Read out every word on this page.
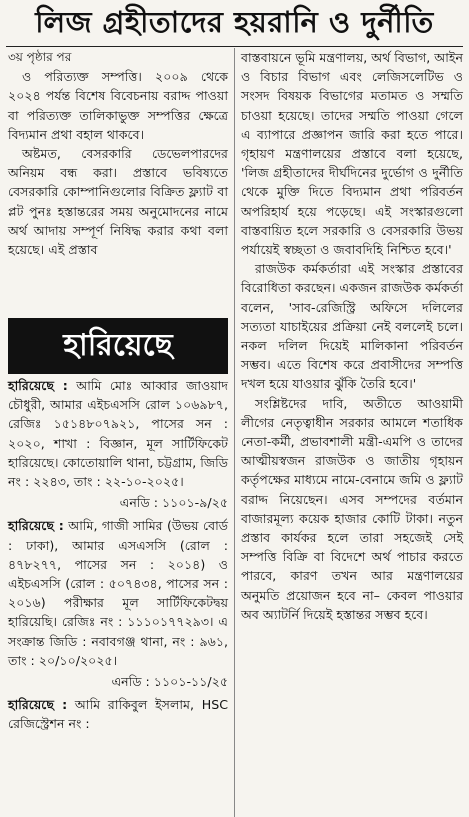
লিজ গ্রহীতাদের হয়রানি ও দুর্নীতি

৩য় পৃষ্ঠার পর

ও পরিত্যক্ত সম্পত্তি। ২০০৯ থেকে ২০২৪ পর্যন্ত বিশেষ বিবেচনায় বরাদ্দ পাওয়া বা পরিত্যক্ত তালিকাভুক্ত সম্পত্তির ক্ষেত্রে বিদ্যমান প্রথা বহাল থাকবে।

অষ্টমত, বেসরকারি ডেভেলপারদের অনিয়ম বন্ধ করা। প্রস্তাবে ভবিষ্যতে বেসরকারি কোম্পানিগুলোর বিক্রিত ফ্ল্যাট বা প্লট পুনঃ হস্তান্তরের সময় অনুমোদনের নামে অর্থ আদায় সম্পূর্ণ নিষিদ্ধ করার কথা বলা হয়েছে। এই প্রস্তাব

হারিয়েছে
হারিয়েছে : আমি মোঃ আব্বার জাওয়াদ চৌধুরী, আমার এইচএসসি রোল ১০৬৯৮৭, রেজিঃ ১৫১৪৮০৭৯২১, পাসের সন : ২০২০, শাখা : বিজ্ঞান, মূল সার্টিফিকেট হারিয়েছে। কোতোয়ালি থানা, চট্টগ্রাম, জিডি নং : ২২৪৩, তাং : ২২-১০-২০২৫।
এনডি : ১১০১-৯/২৫
হারিয়েছে : আমি, গাজী সামির (উভয় বোর্ড : ঢাকা), আমার এসএসসি (রোল : ৪৭৮২৭৭, পাসের সন : ২০১৪) ও এইচএসসি (রোল : ৫০৭৪৩৪, পাসের সন : ২০১৬) পরীক্ষার মূল সার্টিফিকেটদ্বয় হারিয়েছি। রেজিঃ নং : ১১১০১৭৭২৯৩। এ সংক্রান্ত জিডি : নবাবগঞ্জ থানা, নং : ৯৬১, তাং : ২০/১০/২০২৫।
এনডি : ১১০১-১১/২৫
হারিয়েছে : আমি রাকিবুল ইসলাম, HSC রেজিস্ট্রেশন নং :

বাস্তবায়নে ভূমি মন্ত্রণালয়, অর্থ বিভাগ, আইন ও বিচার বিভাগ এবং লেজিসলেটিভ ও সংসদ বিষয়ক বিভাগের মতামত ও সম্মতি চাওয়া হয়েছে। তাদের সম্মতি পাওয়া গেলে এ ব্যাপারে প্রজ্ঞাপন জারি করা হতে পারে। গৃহায়ণ মন্ত্রণালয়ের প্রস্তাবে বলা হয়েছে, 'লিজ গ্রহীতাদের দীর্ঘদিনের দুর্ভোগ ও দুর্নীতি থেকে মুক্তি দিতে বিদ্যমান প্রথা পরিবর্তন অপরিহার্য হয়ে পড়েছে। এই সংস্কারগুলো বাস্তবায়িত হলে সরকারি ও বেসরকারি উভয় পর্যায়েই স্বচ্ছতা ও জবাবদিহি নিশ্চিত হবে।'

রাজউক কর্মকর্তারা এই সংস্কার প্রস্তাবের বিরোধিতা করছেন। একজন রাজউক কর্মকর্তা বলেন, 'সাব-রেজিস্ট্রি অফিসে দলিলের সত্যতা যাচাইয়ের প্রক্রিয়া নেই বললেই চলে। নকল দলিল দিয়েই মালিকানা পরিবর্তন সম্ভব। এতে বিশেষ করে প্রবাসীদের সম্পত্তি দখল হয়ে যাওয়ার ঝুঁকি তৈরি হবে।'

সংশ্লিষ্টদের দাবি, অতীতে আওয়ামী লীগের নেতৃত্বাধীন সরকার আমলে শতাধিক নেতা-কর্মী, প্রভাবশালী মন্ত্রী-এমপি ও তাদের আত্মীয়স্বজন রাজউক ও জাতীয় গৃহায়ন কর্তৃপক্ষের মাধ্যমে নামে-বেনামে জমি ও ফ্ল্যাট বরাদ্দ নিয়েছেন। এসব সম্পদের বর্তমান বাজারমূল্য কয়েক হাজার কোটি টাকা। নতুন প্রস্তাব কার্যকর হলে তারা সহজেই সেই সম্পত্তি বিক্রি বা বিদেশে অর্থ পাচার করতে পারবে, কারণ তখন আর মন্ত্রণালয়ের অনুমতি প্রয়োজন হবে না– কেবল পাওয়ার অব অ্যাটর্নি দিয়েই হস্তান্তর সম্ভব হবে।
